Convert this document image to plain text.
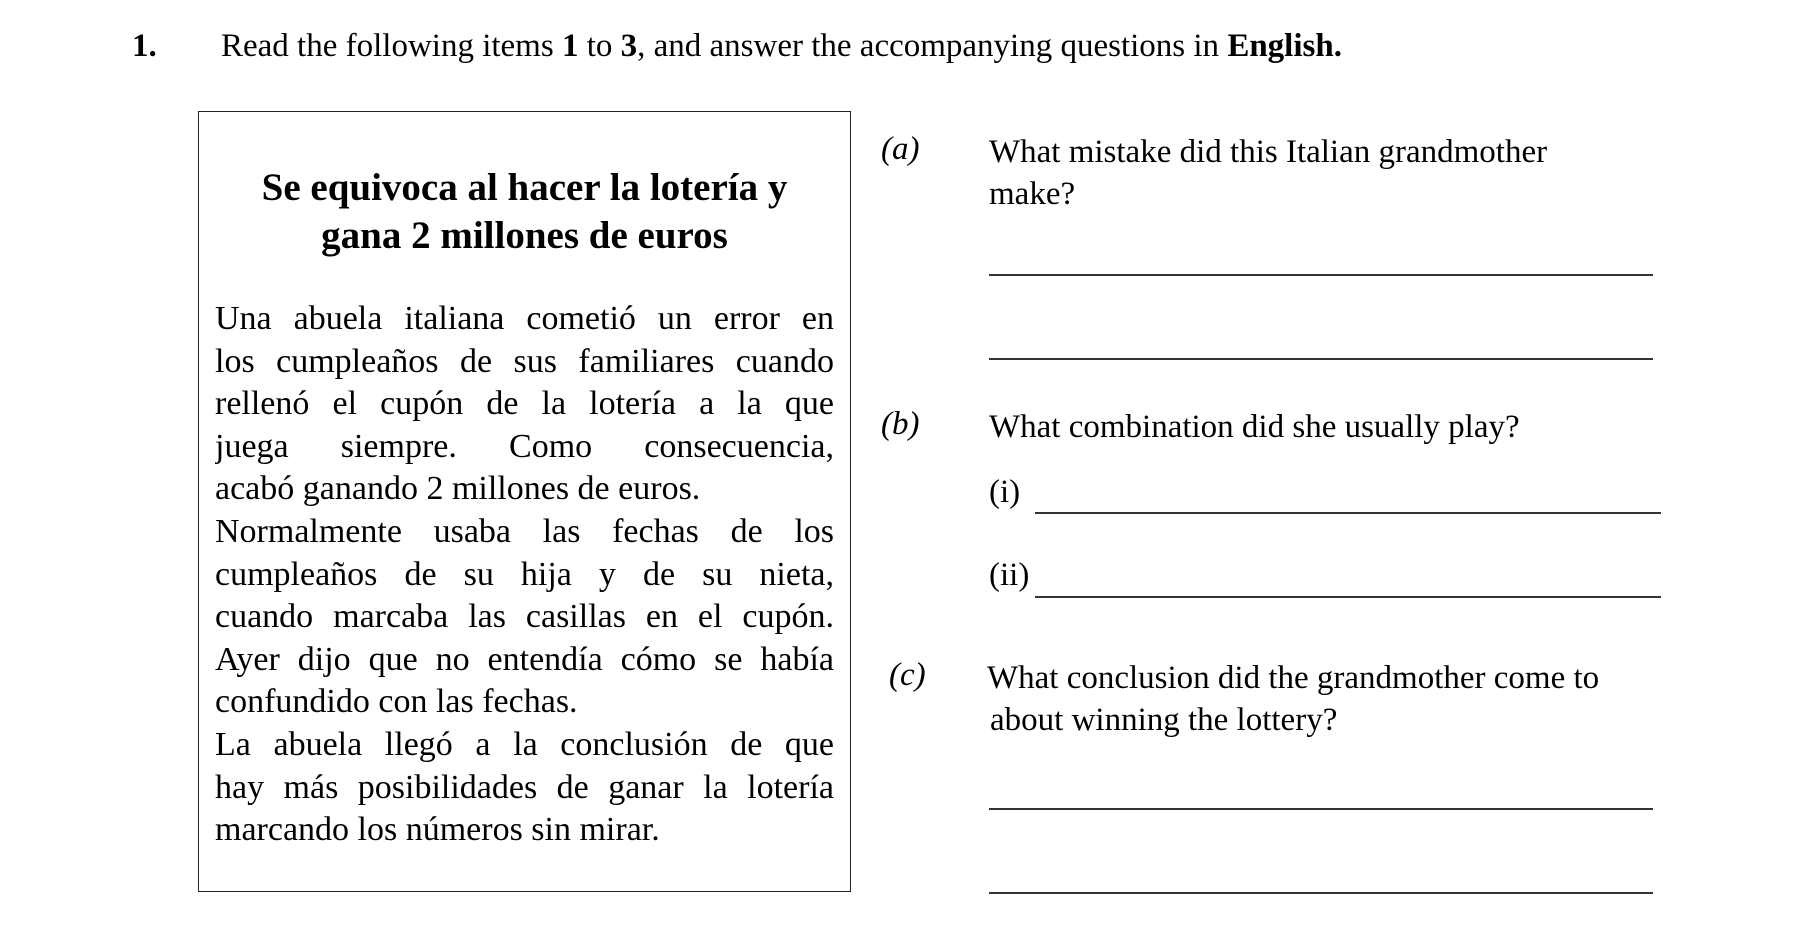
1. Read the following items 1 to 3, and answer the accompanying questions in English.
Se equivoca al hacer la lotería y
gana 2 millones de euros
Una abuela italiana cometió un error en
los cumpleaños de sus familiares cuando
rellenó el cupón de la lotería a la que
juega siempre. Como consecuencia,
acabó ganando 2 millones de euros.
Normalmente usaba las fechas de los
cumpleaños de su hija y de su nieta,
cuando marcaba las casillas en el cupón.
Ayer dijo que no entendía cómo se había
confundido con las fechas.
La abuela llegó a la conclusión de que
hay más posibilidades de ganar la lotería
marcando los números sin mirar.
(a) What mistake did this Italian grandmother
make?
(b) What combination did she usually play?
(i)
(ii)
(c) What conclusion did the grandmother come to
about winning the lottery?
